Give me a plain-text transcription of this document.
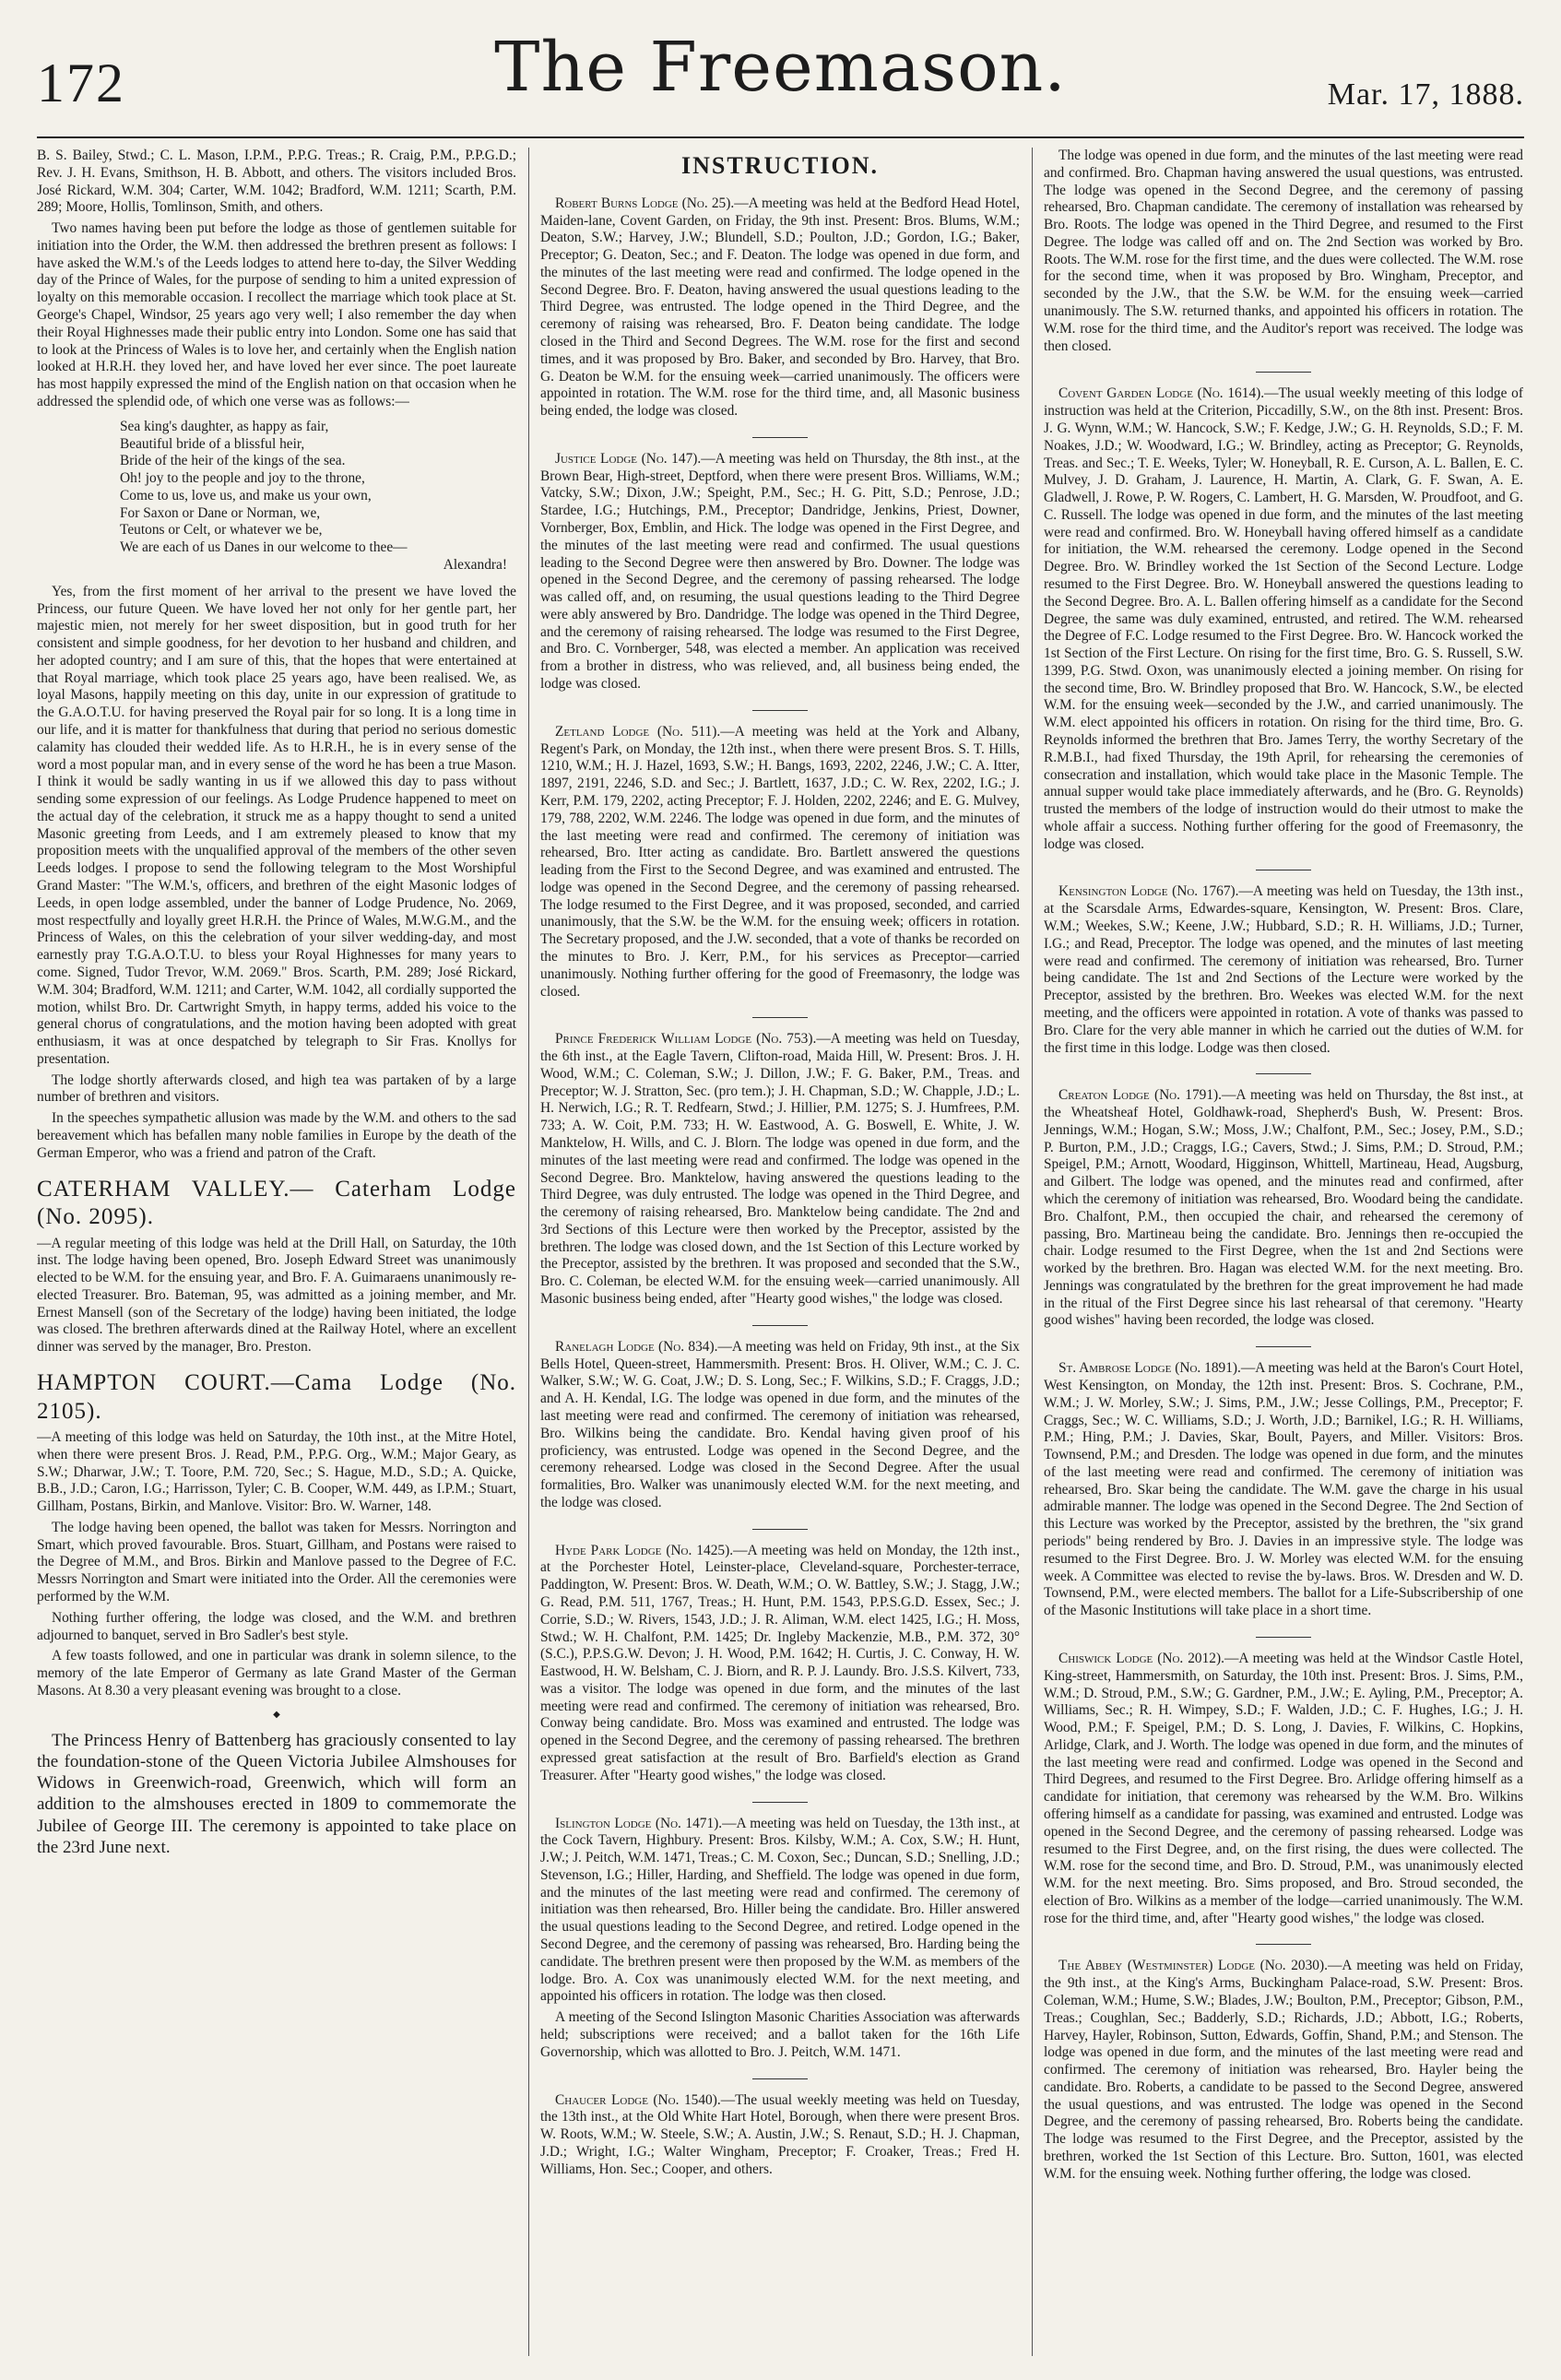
172	The Freemason.	Mar. 17, 1888.

B. S. Bailey, Stwd.; C. L. Mason, I.P.M., P.P.G. Treas.; R. Craig, P.M., P.P.G.D.; Rev. J. H. Evans, Smithson, H. B. Abbott, and others. The visitors included Bros. José Rickard, W.M. 304; Carter, W.M. 1042; Bradford, W.M. 1211; Scarth, P.M. 289; Moore, Hollis, Tomlinson, Smith, and others.

Two names having been put before the lodge as those of gentlemen suitable for initiation into the Order, the W.M. then addressed the brethren present as follows: I have asked the W.M.'s of the Leeds lodges to attend here to-day, the Silver Wedding day of the Prince of Wales, for the purpose of sending to him a united expression of loyalty on this memorable occasion. I recollect the marriage which took place at St. George's Chapel, Windsor, 25 years ago very well; I also remember the day when their Royal Highnesses made their public entry into London. Some one has said that to look at the Princess of Wales is to love her, and certainly when the English nation looked at H.R.H. they loved her, and have loved her ever since. The poet laureate has most happily expressed the mind of the English nation on that occasion when he addressed the splendid ode, of which one verse was as follows:—

Sea king's daughter, as happy as fair,
Beautiful bride of a blissful heir,
Bride of the heir of the kings of the sea.
Oh! joy to the people and joy to the throne,
Come to us, love us, and make us your own,
For Saxon or Dane or Norman, we,
Teutons or Celt, or whatever we be,
We are each of us Danes in our welcome to thee—
Alexandra!

Yes, from the first moment of her arrival to the present we have loved the Princess, our future Queen. We have loved her not only for her gentle part, her majestic mien, not merely for her sweet disposition, but in good truth for her consistent and simple goodness, for her devotion to her husband and children, and her adopted country; and I am sure of this, that the hopes that were entertained at that Royal marriage, which took place 25 years ago, have been realised. We, as loyal Masons, happily meeting on this day, unite in our expression of gratitude to the G.A.O.T.U. for having preserved the Royal pair for so long. It is a long time in our life, and it is matter for thankfulness that during that period no serious domestic calamity has clouded their wedded life. As to H.R.H., he is in every sense of the word a most popular man, and in every sense of the word he has been a true Mason. I think it would be sadly wanting in us if we allowed this day to pass without sending some expression of our feelings. As Lodge Prudence happened to meet on the actual day of the celebration, it struck me as a happy thought to send a united Masonic greeting from Leeds, and I am extremely pleased to know that my proposition meets with the unqualified approval of the members of the other seven Leeds lodges. I propose to send the following telegram to the Most Worshipful Grand Master: "The W.M.'s, officers, and brethren of the eight Masonic lodges of Leeds, in open lodge assembled, under the banner of Lodge Prudence, No. 2069, most respectfully and loyally greet H.R.H. the Prince of Wales, M.W.G.M., and the Princess of Wales, on this the celebration of your silver wedding-day, and most earnestly pray T.G.A.O.T.U. to bless your Royal Highnesses for many years to come. Signed, Tudor Trevor, W.M. 2069." Bros. Scarth, P.M. 289; José Rickard, W.M. 304; Bradford, W.M. 1211; and Carter, W.M. 1042, all cordially supported the motion, whilst Bro. Dr. Cartwright Smyth, in happy terms, added his voice to the general chorus of congratulations, and the motion having been adopted with great enthusiasm, it was at once despatched by telegraph to Sir Fras. Knollys for presentation.

The lodge shortly afterwards closed, and high tea was partaken of by a large number of brethren and visitors.

In the speeches sympathetic allusion was made by the W.M. and others to the sad bereavement which has befallen many noble families in Europe by the death of the German Emperor, who was a friend and patron of the Craft.

CATERHAM VALLEY.— Caterham Lodge (No. 2095).

—A regular meeting of this lodge was held at the Drill Hall, on Saturday, the 10th inst. The lodge having been opened, Bro. Joseph Edward Street was unanimously elected to be W.M. for the ensuing year, and Bro. F. A. Guimaraens unanimously re-elected Treasurer. Bro. Bateman, 95, was admitted as a joining member, and Mr. Ernest Mansell (son of the Secretary of the lodge) having been initiated, the lodge was closed. The brethren afterwards dined at the Railway Hotel, where an excellent dinner was served by the manager, Bro. Preston.

HAMPTON COURT.—Cama Lodge (No. 2105).

—A meeting of this lodge was held on Saturday, the 10th inst., at the Mitre Hotel, when there were present Bros. J. Read, P.M., P.P.G. Org., W.M.; Major Geary, as S.W.; Dharwar, J.W.; T. Toore, P.M. 720, Sec.; S. Hague, M.D., S.D.; A. Quicke, B.B., J.D.; Caron, I.G.; Harrisson, Tyler; C. B. Cooper, W.M. 449, as I.P.M.; Stuart, Gillham, Postans, Birkin, and Manlove. Visitor: Bro. W. Warner, 148.

The lodge having been opened, the ballot was taken for Messrs. Norrington and Smart, which proved favourable. Bros. Stuart, Gillham, and Postans were raised to the Degree of M.M., and Bros. Birkin and Manlove passed to the Degree of F.C. Messrs Norrington and Smart were initiated into the Order. All the ceremonies were performed by the W.M.

Nothing further offering, the lodge was closed, and the W.M. and brethren adjourned to banquet, served in Bro Sadler's best style.

A few toasts followed, and one in particular was drank in solemn silence, to the memory of the late Emperor of Germany as late Grand Master of the German Masons. At 8.30 a very pleasant evening was brought to a close.

◆

The Princess Henry of Battenberg has graciously consented to lay the foundation-stone of the Queen Victoria Jubilee Almshouses for Widows in Greenwich-road, Greenwich, which will form an addition to the almshouses erected in 1809 to commemorate the Jubilee of George III. The ceremony is appointed to take place on the 23rd June next.

INSTRUCTION.

Robert Burns Lodge (No. 25).—A meeting was held at the Bedford Head Hotel, Maiden-lane, Covent Garden, on Friday, the 9th inst. Present: Bros. Blums, W.M.; Deaton, S.W.; Harvey, J.W.; Blundell, S.D.; Poulton, J.D.; Gordon, I.G.; Baker, Preceptor; G. Deaton, Sec.; and F. Deaton. The lodge was opened in due form, and the minutes of the last meeting were read and confirmed. The lodge opened in the Second Degree. Bro. F. Deaton, having answered the usual questions leading to the Third Degree, was entrusted. The lodge opened in the Third Degree, and the ceremony of raising was rehearsed, Bro. F. Deaton being candidate. The lodge closed in the Third and Second Degrees. The W.M. rose for the first and second times, and it was proposed by Bro. Baker, and seconded by Bro. Harvey, that Bro. G. Deaton be W.M. for the ensuing week—carried unanimously. The officers were appointed in rotation. The W.M. rose for the third time, and, all Masonic business being ended, the lodge was closed.

Justice Lodge (No. 147).—A meeting was held on Thursday, the 8th inst., at the Brown Bear, High-street, Deptford, when there were present Bros. Williams, W.M.; Vatcky, S.W.; Dixon, J.W.; Speight, P.M., Sec.; H. G. Pitt, S.D.; Penrose, J.D.; Stardee, I.G.; Hutchings, P.M., Preceptor; Dandridge, Jenkins, Priest, Downer, Vornberger, Box, Emblin, and Hick. The lodge was opened in the First Degree, and the minutes of the last meeting were read and confirmed. The usual questions leading to the Second Degree were then answered by Bro. Downer. The lodge was opened in the Second Degree, and the ceremony of passing rehearsed. The lodge was called off, and, on resuming, the usual questions leading to the Third Degree were ably answered by Bro. Dandridge. The lodge was opened in the Third Degree, and the ceremony of raising rehearsed. The lodge was resumed to the First Degree, and Bro. C. Vornberger, 548, was elected a member. An application was received from a brother in distress, who was relieved, and, all business being ended, the lodge was closed.

Zetland Lodge (No. 511).—A meeting was held at the York and Albany, Regent's Park, on Monday, the 12th inst., when there were present Bros. S. T. Hills, 1210, W.M.; H. J. Hazel, 1693, S.W.; H. Bangs, 1693, 2202, 2246, J.W.; C. A. Itter, 1897, 2191, 2246, S.D. and Sec.; J. Bartlett, 1637, J.D.; C. W. Rex, 2202, I.G.; J. Kerr, P.M. 179, 2202, acting Preceptor; F. J. Holden, 2202, 2246; and E. G. Mulvey, 179, 788, 2202, W.M. 2246. The lodge was opened in due form, and the minutes of the last meeting were read and confirmed. The ceremony of initiation was rehearsed, Bro. Itter acting as candidate. Bro. Bartlett answered the questions leading from the First to the Second Degree, and was examined and entrusted. The lodge was opened in the Second Degree, and the ceremony of passing rehearsed. The lodge resumed to the First Degree, and it was proposed, seconded, and carried unanimously, that the S.W. be the W.M. for the ensuing week; officers in rotation. The Secretary proposed, and the J.W. seconded, that a vote of thanks be recorded on the minutes to Bro. J. Kerr, P.M., for his services as Preceptor—carried unanimously. Nothing further offering for the good of Freemasonry, the lodge was closed.

Prince Frederick William Lodge (No. 753).—A meeting was held on Tuesday, the 6th inst., at the Eagle Tavern, Clifton-road, Maida Hill, W. Present: Bros. J. H. Wood, W.M.; C. Coleman, S.W.; J. Dillon, J.W.; F. G. Baker, P.M., Treas. and Preceptor; W. J. Stratton, Sec. (pro tem.); J. H. Chapman, S.D.; W. Chapple, J.D.; L. H. Nerwich, I.G.; R. T. Redfearn, Stwd.; J. Hillier, P.M. 1275; S. J. Humfrees, P.M. 733; A. W. Coit, P.M. 733; H. W. Eastwood, A. G. Boswell, E. White, J. W. Manktelow, H. Wills, and C. J. Blorn. The lodge was opened in due form, and the minutes of the last meeting were read and confirmed. The lodge was opened in the Second Degree. Bro. Manktelow, having answered the questions leading to the Third Degree, was duly entrusted. The lodge was opened in the Third Degree, and the ceremony of raising rehearsed, Bro. Manktelow being candidate. The 2nd and 3rd Sections of this Lecture were then worked by the Preceptor, assisted by the brethren. The lodge was closed down, and the 1st Section of this Lecture worked by the Preceptor, assisted by the brethren. It was proposed and seconded that the S.W., Bro. C. Coleman, be elected W.M. for the ensuing week—carried unanimously. All Masonic business being ended, after "Hearty good wishes," the lodge was closed.

Ranelagh Lodge (No. 834).—A meeting was held on Friday, 9th inst., at the Six Bells Hotel, Queen-street, Hammersmith. Present: Bros. H. Oliver, W.M.; C. J. C. Walker, S.W.; W. G. Coat, J.W.; D. S. Long, Sec.; F. Wilkins, S.D.; F. Craggs, J.D.; and A. H. Kendal, I.G. The lodge was opened in due form, and the minutes of the last meeting were read and confirmed. The ceremony of initiation was rehearsed, Bro. Wilkins being the candidate. Bro. Kendal having given proof of his proficiency, was entrusted. Lodge was opened in the Second Degree, and the ceremony rehearsed. Lodge was closed in the Second Degree. After the usual formalities, Bro. Walker was unanimously elected W.M. for the next meeting, and the lodge was closed.

Hyde Park Lodge (No. 1425).—A meeting was held on Monday, the 12th inst., at the Porchester Hotel, Leinster-place, Cleveland-square, Porchester-terrace, Paddington, W. Present: Bros. W. Death, W.M.; O. W. Battley, S.W.; J. Stagg, J.W.; G. Read, P.M. 511, 1767, Treas.; H. Hunt, P.M. 1543, P.P.S.G.D. Essex, Sec.; J. Corrie, S.D.; W. Rivers, 1543, J.D.; J. R. Aliman, W.M. elect 1425, I.G.; H. Moss, Stwd.; W. H. Chalfont, P.M. 1425; Dr. Ingleby Mackenzie, M.B., P.M. 372, 30° (S.C.), P.P.S.G.W. Devon; J. H. Wood, P.M. 1642; H. Curtis, J. C. Conway, H. W. Eastwood, H. W. Belsham, C. J. Biorn, and R. P. J. Laundy. Bro. J.S.S. Kilvert, 733, was a visitor. The lodge was opened in due form, and the minutes of the last meeting were read and confirmed. The ceremony of initiation was rehearsed, Bro. Conway being candidate. Bro. Moss was examined and entrusted. The lodge was opened in the Second Degree, and the ceremony of passing rehearsed. The brethren expressed great satisfaction at the result of Bro. Barfield's election as Grand Treasurer. After "Hearty good wishes," the lodge was closed.

Islington Lodge (No. 1471).—A meeting was held on Tuesday, the 13th inst., at the Cock Tavern, Highbury. Present: Bros. Kilsby, W.M.; A. Cox, S.W.; H. Hunt, J.W.; J. Peitch, W.M. 1471, Treas.; C. M. Coxon, Sec.; Duncan, S.D.; Snelling, J.D.; Stevenson, I.G.; Hiller, Harding, and Sheffield. The lodge was opened in due form, and the minutes of the last meeting were read and confirmed. The ceremony of initiation was then rehearsed, Bro. Hiller being the candidate. Bro. Hiller answered the usual questions leading to the Second Degree, and retired. Lodge opened in the Second Degree, and the ceremony of passing was rehearsed, Bro. Harding being the candidate. The brethren present were then proposed by the W.M. as members of the lodge. Bro. A. Cox was unanimously elected W.M. for the next meeting, and appointed his officers in rotation. The lodge was then closed.

A meeting of the Second Islington Masonic Charities Association was afterwards held; subscriptions were received; and a ballot taken for the 16th Life Governorship, which was allotted to Bro. J. Peitch, W.M. 1471.

Chaucer Lodge (No. 1540).—The usual weekly meeting was held on Tuesday, the 13th inst., at the Old White Hart Hotel, Borough, when there were present Bros. W. Roots, W.M.; W. Steele, S.W.; A. Austin, J.W.; S. Renaut, S.D.; H. J. Chapman, J.D.; Wright, I.G.; Walter Wingham, Preceptor; F. Croaker, Treas.; Fred H. Williams, Hon. Sec.; Cooper, and others.

The lodge was opened in due form, and the minutes of the last meeting were read and confirmed. Bro. Chapman having answered the usual questions, was entrusted. The lodge was opened in the Second Degree, and the ceremony of passing rehearsed, Bro. Chapman candidate. The ceremony of installation was rehearsed by Bro. Roots. The lodge was opened in the Third Degree, and resumed to the First Degree. The lodge was called off and on. The 2nd Section was worked by Bro. Roots. The W.M. rose for the first time, and the dues were collected. The W.M. rose for the second time, when it was proposed by Bro. Wingham, Preceptor, and seconded by the J.W., that the S.W. be W.M. for the ensuing week—carried unanimously. The S.W. returned thanks, and appointed his officers in rotation. The W.M. rose for the third time, and the Auditor's report was received. The lodge was then closed.

Covent Garden Lodge (No. 1614).—The usual weekly meeting of this lodge of instruction was held at the Criterion, Piccadilly, S.W., on the 8th inst. Present: Bros. J. G. Wynn, W.M.; W. Hancock, S.W.; F. Kedge, J.W.; G. H. Reynolds, S.D.; F. M. Noakes, J.D.; W. Woodward, I.G.; W. Brindley, acting as Preceptor; G. Reynolds, Treas. and Sec.; T. E. Weeks, Tyler; W. Honeyball, R. E. Curson, A. L. Ballen, E. C. Mulvey, J. D. Graham, J. Laurence, H. Martin, A. Clark, G. F. Swan, A. E. Gladwell, J. Rowe, P. W. Rogers, C. Lambert, H. G. Marsden, W. Proudfoot, and G. C. Russell. The lodge was opened in due form, and the minutes of the last meeting were read and confirmed. Bro. W. Honeyball having offered himself as a candidate for initiation, the W.M. rehearsed the ceremony. Lodge opened in the Second Degree. Bro. W. Brindley worked the 1st Section of the Second Lecture. Lodge resumed to the First Degree. Bro. W. Honeyball answered the questions leading to the Second Degree. Bro. A. L. Ballen offering himself as a candidate for the Second Degree, the same was duly examined, entrusted, and retired. The W.M. rehearsed the Degree of F.C. Lodge resumed to the First Degree. Bro. W. Hancock worked the 1st Section of the First Lecture. On rising for the first time, Bro. G. S. Russell, S.W. 1399, P.G. Stwd. Oxon, was unanimously elected a joining member. On rising for the second time, Bro. W. Brindley proposed that Bro. W. Hancock, S.W., be elected W.M. for the ensuing week—seconded by the J.W., and carried unanimously. The W.M. elect appointed his officers in rotation. On rising for the third time, Bro. G. Reynolds informed the brethren that Bro. James Terry, the worthy Secretary of the R.M.B.I., had fixed Thursday, the 19th April, for rehearsing the ceremonies of consecration and installation, which would take place in the Masonic Temple. The annual supper would take place immediately afterwards, and he (Bro. G. Reynolds) trusted the members of the lodge of instruction would do their utmost to make the whole affair a success. Nothing further offering for the good of Freemasonry, the lodge was closed.

Kensington Lodge (No. 1767).—A meeting was held on Tuesday, the 13th inst., at the Scarsdale Arms, Edwardes-square, Kensington, W. Present: Bros. Clare, W.M.; Weekes, S.W.; Keene, J.W.; Hubbard, S.D.; R. H. Williams, J.D.; Turner, I.G.; and Read, Preceptor. The lodge was opened, and the minutes of last meeting were read and confirmed. The ceremony of initiation was rehearsed, Bro. Turner being candidate. The 1st and 2nd Sections of the Lecture were worked by the Preceptor, assisted by the brethren. Bro. Weekes was elected W.M. for the next meeting, and the officers were appointed in rotation. A vote of thanks was passed to Bro. Clare for the very able manner in which he carried out the duties of W.M. for the first time in this lodge. Lodge was then closed.

Creaton Lodge (No. 1791).—A meeting was held on Thursday, the 8st inst., at the Wheatsheaf Hotel, Goldhawk-road, Shepherd's Bush, W. Present: Bros. Jennings, W.M.; Hogan, S.W.; Moss, J.W.; Chalfont, P.M., Sec.; Josey, P.M., S.D.; P. Burton, P.M., J.D.; Craggs, I.G.; Cavers, Stwd.; J. Sims, P.M.; D. Stroud, P.M.; Speigel, P.M.; Arnott, Woodard, Higginson, Whittell, Martineau, Head, Augsburg, and Gilbert. The lodge was opened, and the minutes read and confirmed, after which the ceremony of initiation was rehearsed, Bro. Woodard being the candidate. Bro. Chalfont, P.M., then occupied the chair, and rehearsed the ceremony of passing, Bro. Martineau being the candidate. Bro. Jennings then re-occupied the chair. Lodge resumed to the First Degree, when the 1st and 2nd Sections were worked by the brethren. Bro. Hagan was elected W.M. for the next meeting. Bro. Jennings was congratulated by the brethren for the great improvement he had made in the ritual of the First Degree since his last rehearsal of that ceremony. "Hearty good wishes" having been recorded, the lodge was closed.

St. Ambrose Lodge (No. 1891).—A meeting was held at the Baron's Court Hotel, West Kensington, on Monday, the 12th inst. Present: Bros. S. Cochrane, P.M., W.M.; J. W. Morley, S.W.; J. Sims, P.M., J.W.; Jesse Collings, P.M., Preceptor; F. Craggs, Sec.; W. C. Williams, S.D.; J. Worth, J.D.; Barnikel, I.G.; R. H. Williams, P.M.; Hing, P.M.; J. Davies, Skar, Boult, Payers, and Miller. Visitors: Bros. Townsend, P.M.; and Dresden. The lodge was opened in due form, and the minutes of the last meeting were read and confirmed. The ceremony of initiation was rehearsed, Bro. Skar being the candidate. The W.M. gave the charge in his usual admirable manner. The lodge was opened in the Second Degree. The 2nd Section of this Lecture was worked by the Preceptor, assisted by the brethren, the "six grand periods" being rendered by Bro. J. Davies in an impressive style. The lodge was resumed to the First Degree. Bro. J. W. Morley was elected W.M. for the ensuing week. A Committee was elected to revise the by-laws. Bros. W. Dresden and W. D. Townsend, P.M., were elected members. The ballot for a Life-Subscribership of one of the Masonic Institutions will take place in a short time.

Chiswick Lodge (No. 2012).—A meeting was held at the Windsor Castle Hotel, King-street, Hammersmith, on Saturday, the 10th inst. Present: Bros. J. Sims, P.M., W.M.; D. Stroud, P.M., S.W.; G. Gardner, P.M., J.W.; E. Ayling, P.M., Preceptor; A. Williams, Sec.; R. H. Wimpey, S.D.; F. Walden, J.D.; C. F. Hughes, I.G.; J. H. Wood, P.M.; F. Speigel, P.M.; D. S. Long, J. Davies, F. Wilkins, C. Hopkins, Arlidge, Clark, and J. Worth. The lodge was opened in due form, and the minutes of the last meeting were read and confirmed. Lodge was opened in the Second and Third Degrees, and resumed to the First Degree. Bro. Arlidge offering himself as a candidate for initiation, that ceremony was rehearsed by the W.M. Bro. Wilkins offering himself as a candidate for passing, was examined and entrusted. Lodge was opened in the Second Degree, and the ceremony of passing rehearsed. Lodge was resumed to the First Degree, and, on the first rising, the dues were collected. The W.M. rose for the second time, and Bro. D. Stroud, P.M., was unanimously elected W.M. for the next meeting. Bro. Sims proposed, and Bro. Stroud seconded, the election of Bro. Wilkins as a member of the lodge—carried unanimously. The W.M. rose for the third time, and, after "Hearty good wishes," the lodge was closed.

The Abbey (Westminster) Lodge (No. 2030).—A meeting was held on Friday, the 9th inst., at the King's Arms, Buckingham Palace-road, S.W. Present: Bros. Coleman, W.M.; Hume, S.W.; Blades, J.W.; Boulton, P.M., Preceptor; Gibson, P.M., Treas.; Coughlan, Sec.; Badderly, S.D.; Richards, J.D.; Abbott, I.G.; Roberts, Harvey, Hayler, Robinson, Sutton, Edwards, Goffin, Shand, P.M.; and Stenson. The lodge was opened in due form, and the minutes of the last meeting were read and confirmed. The ceremony of initiation was rehearsed, Bro. Hayler being the candidate. Bro. Roberts, a candidate to be passed to the Second Degree, answered the usual questions, and was entrusted. The lodge was opened in the Second Degree, and the ceremony of passing rehearsed, Bro. Roberts being the candidate. The lodge was resumed to the First Degree, and the Preceptor, assisted by the brethren, worked the 1st Section of this Lecture. Bro. Sutton, 1601, was elected W.M. for the ensuing week. Nothing further offering, the lodge was closed.
